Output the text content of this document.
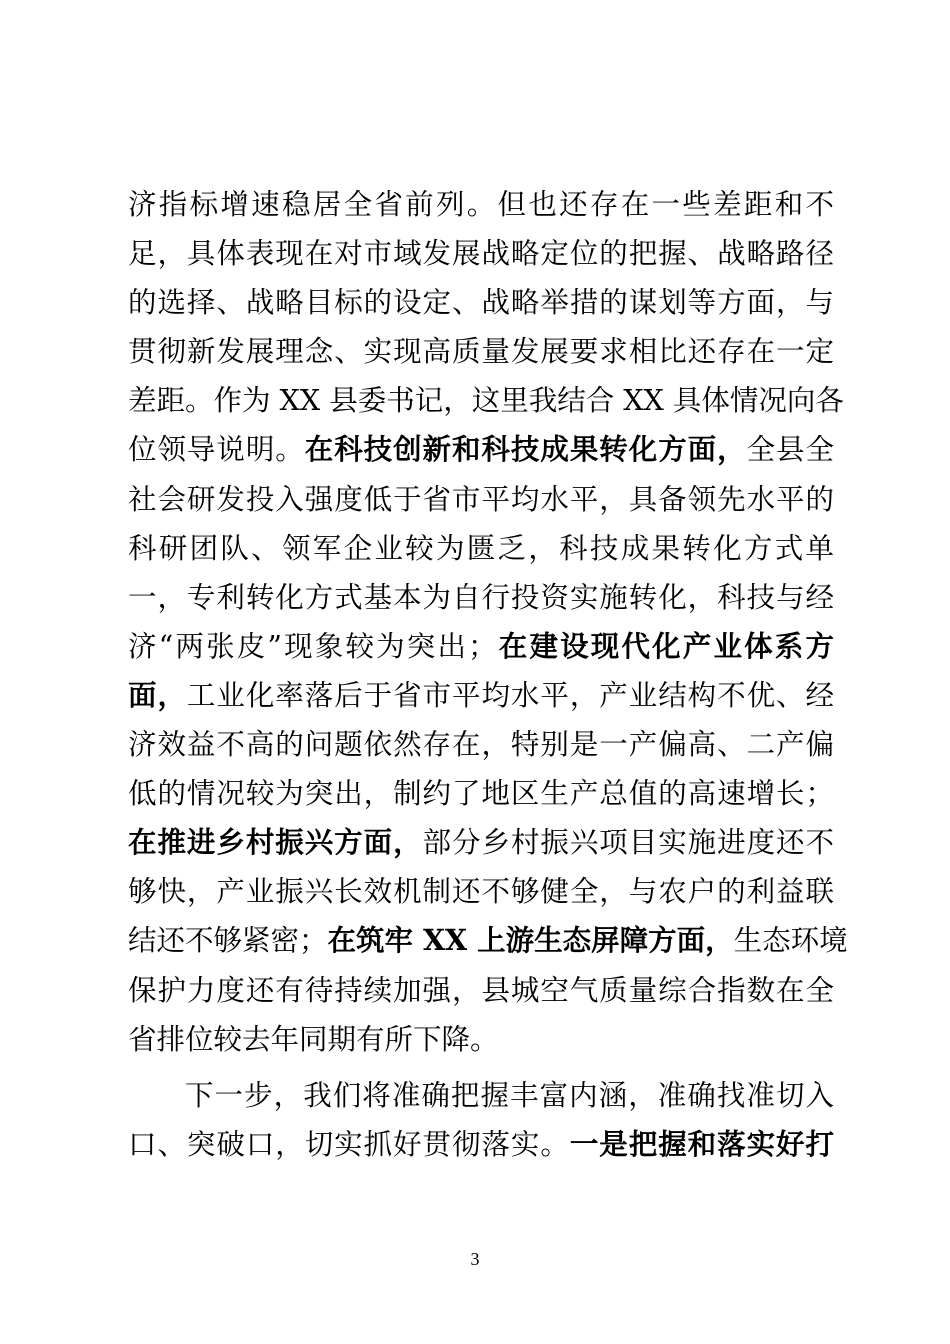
济指标增速稳居全省前列。但也还存在一些差距和不
足，具体表现在对市域发展战略定位的把握、战略路径
的选择、战略目标的设定、战略举措的谋划等方面，与
贯彻新发展理念、实现高质量发展要求相比还存在一定
差距。作为 XX 县委书记，这里我结合 XX 具体情况向各
位领导说明。在科技创新和科技成果转化方面，全县全
社会研发投入强度低于省市平均水平，具备领先水平的
科研团队、领军企业较为匮乏，科技成果转化方式单
一，专利转化方式基本为自行投资实施转化，科技与经
济“两张皮”现象较为突出；在建设现代化产业体系方
面，工业化率落后于省市平均水平，产业结构不优、经
济效益不高的问题依然存在，特别是一产偏高、二产偏
低的情况较为突出，制约了地区生产总值的高速增长；
在推进乡村振兴方面，部分乡村振兴项目实施进度还不
够快，产业振兴长效机制还不够健全，与农户的利益联
结还不够紧密；在筑牢 XX 上游生态屏障方面，生态环境
保护力度还有待持续加强，县城空气质量综合指数在全
省排位较去年同期有所下降。
下一步，我们将准确把握丰富内涵，准确找准切入
口、突破口，切实抓好贯彻落实。一是把握和落实好打
3
